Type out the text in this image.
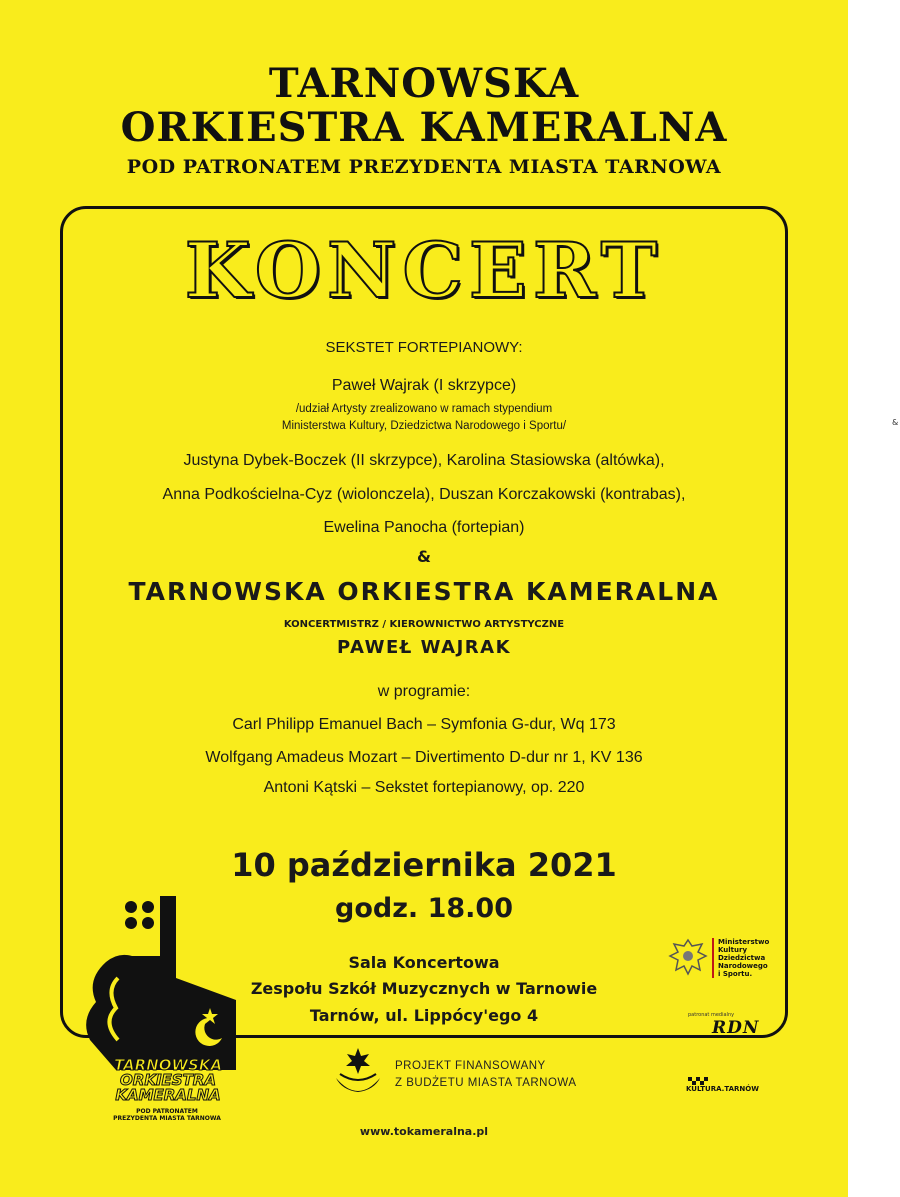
TARNOWSKA
ORKIESTRA KAMERALNA
POD PATRONATEM PREZYDENTA MIASTA TARNOWA
KONCERT
SEKSTET FORTEPIANOWY:
Paweł Wajrak (I skrzypce)
/udział Artysty zrealizowano w ramach stypendium
Ministerstwa Kultury, Dziedzictwa Narodowego i Sportu/
Justyna Dybek-Boczek (II skrzypce), Karolina Stasiowska (altówka),
Anna Podkościelna-Cyz (wiolonczela), Duszan Korczakowski (kontrabas),
Ewelina Panocha (fortepian)
&
TARNOWSKA ORKIESTRA KAMERALNA
KONCERTMISTRZ / KIEROWNICTWO ARTYSTYCZNE
PAWEŁ WAJRAK
w programie:
Carl Philipp Emanuel Bach – Symfonia G-dur, Wq 173
Wolfgang Amadeus Mozart – Divertimento D-dur nr 1, KV 136
Antoni Kątski – Sekstet fortepianowy, op. 220
10 października 2021
godz. 18.00
Sala Koncertowa
Zespołu Szkół Muzycznych w Tarnowie
Tarnów, ul. Lippócy'ego 4
PROJEKT FINANSOWANY
Z BUDŻETU MIASTA TARNOWA
TARNOWSKA
ORKIESTRA
KAMERALNA
POD PATRONATEM
PREZYDENTA MIASTA TARNOWA
Ministerstwo
Kultury
Dziedzictwa
Narodowego
i Sportu.
patronat medialny
RDN
KULTURA.TARNÓW
www.tokameralna.pl
&
